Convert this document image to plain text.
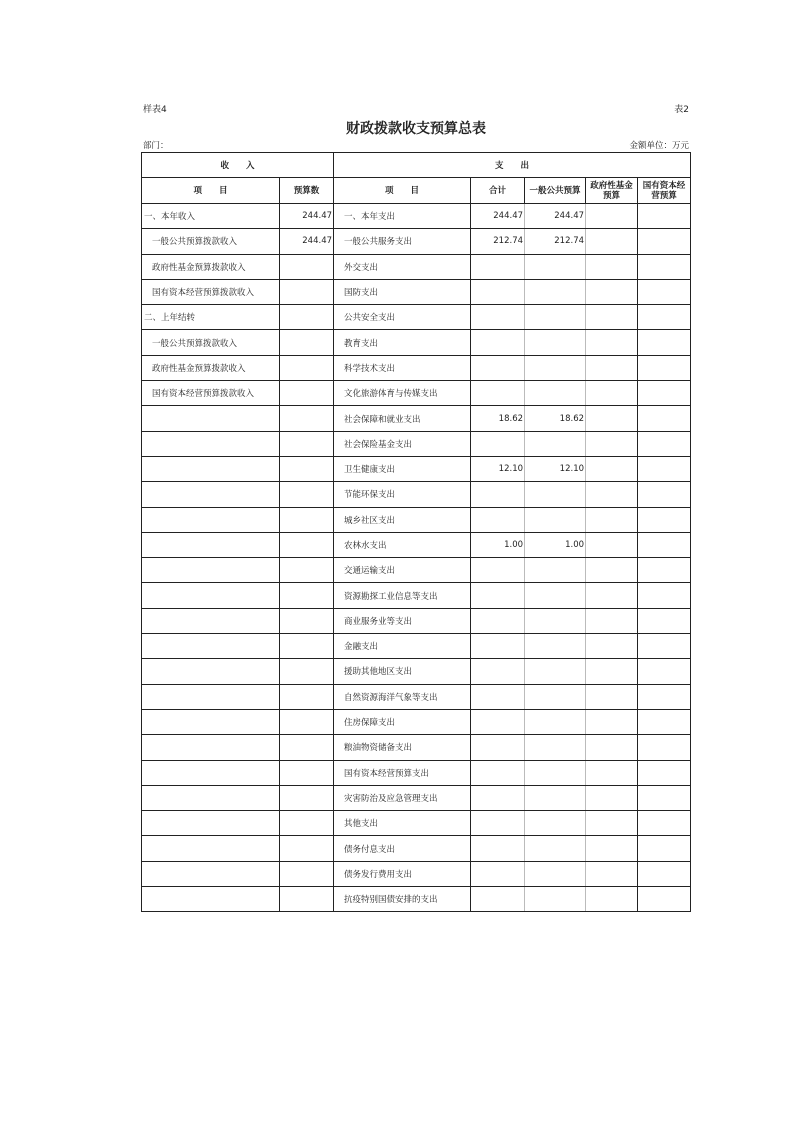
样表4	表2
财政拨款收支预算总表
部门：	金额单位：万元
收　　入		支　　出				
项　　目	预算数	项　　目	合计	一般公共预算	政府性基金预算	国有资本经营预算
一、本年收入	244.47	一、本年支出	244.47	244.47		
一般公共预算拨款收入	244.47	一般公共服务支出	212.74	212.74		
政府性基金预算拨款收入		外交支出				
国有资本经营预算拨款收入		国防支出				
二、上年结转		公共安全支出				
一般公共预算拨款收入		教育支出				
政府性基金预算拨款收入		科学技术支出				
国有资本经营预算拨款收入		文化旅游体育与传媒支出				
		社会保障和就业支出	18.62	18.62		
		社会保险基金支出				
		卫生健康支出	12.10	12.10		
		节能环保支出				
		城乡社区支出				
		农林水支出	1.00	1.00		
		交通运输支出				
		资源勘探工业信息等支出				
		商业服务业等支出				
		金融支出				
		援助其他地区支出				
		自然资源海洋气象等支出				
		住房保障支出				
		粮油物资储备支出				
		国有资本经营预算支出				
		灾害防治及应急管理支出				
		其他支出				
		债务付息支出				
		债务发行费用支出				
		抗疫特别国债安排的支出				
